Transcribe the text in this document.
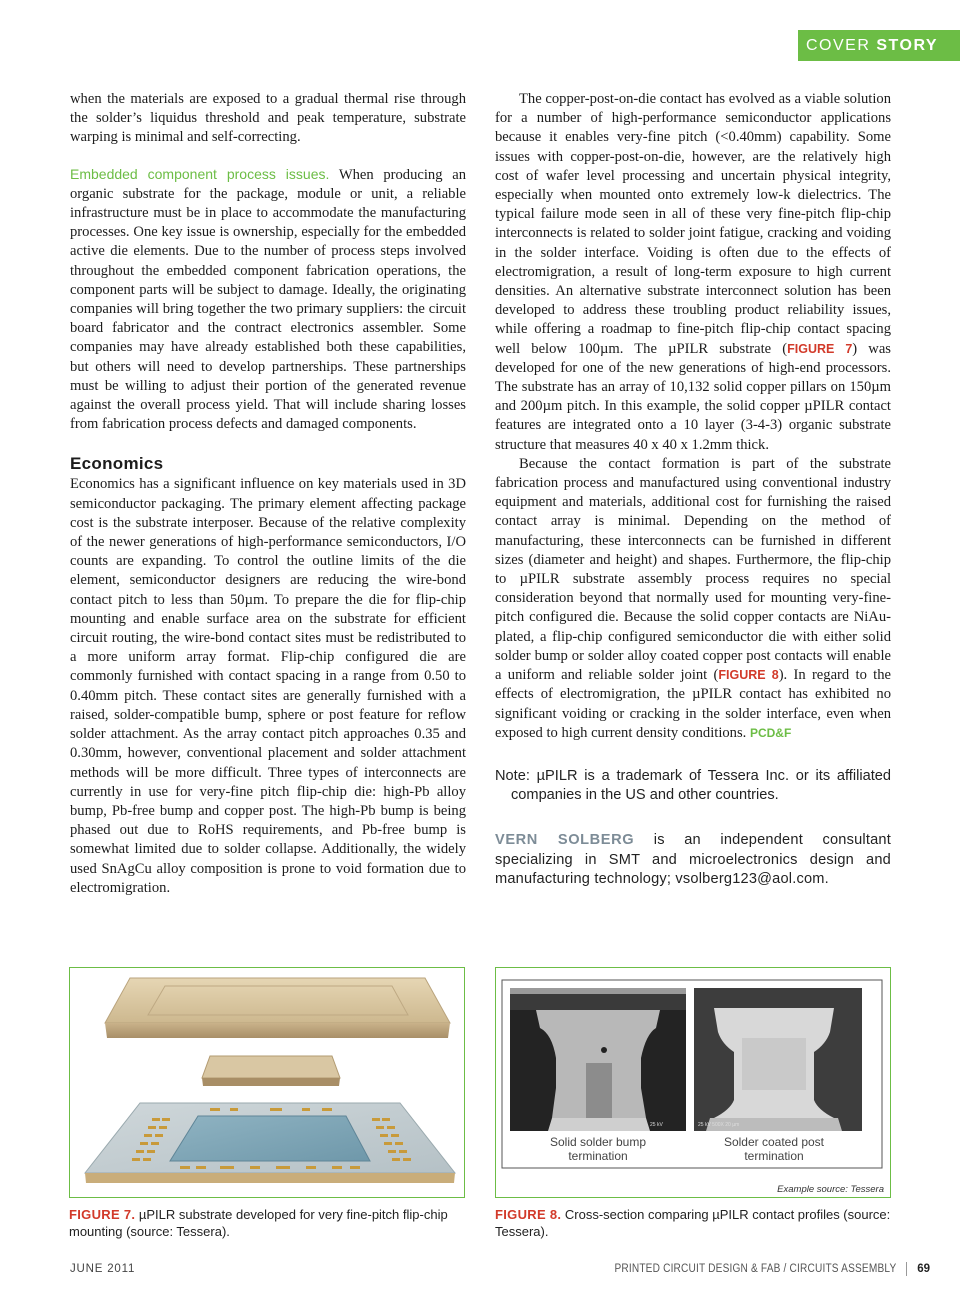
COVER STORY

when the materials are exposed to a gradual thermal rise through the solder’s liquidus threshold and peak temperature, substrate warping is minimal and self-correcting.

Embedded component process issues. When producing an organic substrate for the package, module or unit, a reliable infrastructure must be in place to accommodate the manufacturing processes. One key issue is ownership, especially for the embedded active die elements. Due to the number of process steps involved throughout the embedded component fabrication operations, the component parts will be subject to damage. Ideally, the originating companies will bring together the two primary suppliers: the circuit board fabricator and the contract electronics assembler. Some companies may have already established both these capabilities, but others will need to develop partnerships. These partnerships must be willing to adjust their portion of the generated revenue against the overall process yield. That will include sharing losses from fabrication process defects and damaged components.

Economics

Economics has a significant influence on key materials used in 3D semiconductor packaging. The primary element affecting package cost is the substrate interposer. Because of the relative complexity of the newer generations of high-performance semiconductors, I/O counts are expanding. To control the outline limits of the die element, semiconductor designers are reducing the wire-bond contact pitch to less than 50µm. To prepare the die for flip-chip mounting and enable surface area on the substrate for efficient circuit routing, the wire-bond contact sites must be redistributed to a more uniform array format. Flip-chip configured die are commonly furnished with contact spacing in a range from 0.50 to 0.40mm pitch. These contact sites are generally furnished with a raised, solder-compatible bump, sphere or post feature for reflow solder attachment. As the array contact pitch approaches 0.35 and 0.30mm, however, conventional placement and solder attachment methods will be more difficult. Three types of interconnects are currently in use for very-fine pitch flip-chip die: high-Pb alloy bump, Pb-free bump and copper post. The high-Pb bump is being phased out due to RoHS requirements, and Pb-free bump is somewhat limited due to solder collapse. Additionally, the widely used SnAgCu alloy composition is prone to void formation due to electromigration.

The copper-post-on-die contact has evolved as a viable solution for a number of high-performance semiconductor applications because it enables very-fine pitch (<0.40mm) capability. Some issues with copper-post-on-die, however, are the relatively high cost of wafer level processing and uncertain physical integrity, especially when mounted onto extremely low-k dielectrics. The typical failure mode seen in all of these very fine-pitch flip-chip interconnects is related to solder joint fatigue, cracking and voiding in the solder interface. Voiding is often due to the effects of electromigration, a result of long-term exposure to high current densities. An alternative substrate interconnect solution has been developed to address these troubling product reliability issues, while offering a roadmap to fine-pitch flip-chip contact spacing well below 100µm. The µPILR substrate (FIGURE 7) was developed for one of the new generations of high-end processors. The substrate has an array of 10,132 solid copper pillars on 150µm and 200µm pitch. In this example, the solid copper µPILR contact features are integrated onto a 10 layer (3-4-3) organic substrate structure that measures 40 x 40 x 1.2mm thick.

Because the contact formation is part of the substrate fabrication process and manufactured using conventional industry equipment and materials, additional cost for furnishing the raised contact array is minimal. Depending on the method of manufacturing, these interconnects can be furnished in different sizes (diameter and height) and shapes. Furthermore, the flip-chip to µPILR substrate assembly process requires no special consideration beyond that normally used for mounting very-fine-pitch configured die. Because the solid copper contacts are NiAu-plated, a flip-chip configured semiconductor die with either solid solder bump or solder alloy coated copper post contacts will enable a uniform and reliable solder joint (FIGURE 8). In regard to the effects of electromigration, the µPILR contact has exhibited no significant voiding or cracking in the solder interface, even when exposed to high current density conditions. PCD&F

Note: µPILR is a trademark of Tessera Inc. or its affiliated companies in the US and other countries.

VERN SOLBERG is an independent consultant specializing in SMT and microelectronics design and manufacturing technology; vsolberg123@aol.com.

FIGURE 7. µPILR substrate developed for very fine-pitch flip-chip mounting (source: Tessera).
25 kV	25 kV 500X 20 µm
Solid solder bump
termination
Solder coated post
termination
Example source: Tessera
FIGURE 8. Cross-section comparing µPILR contact profiles (source: Tessera).
JUNE 2011	PRINTED CIRCUIT DESIGN & FAB / CIRCUITS ASSEMBLY 69
